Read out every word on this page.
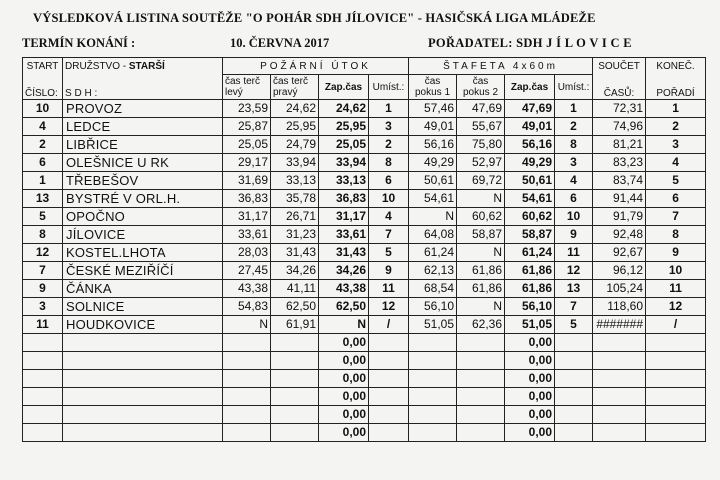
VÝSLEDKOVÁ LISTINA SOUTĚŽE "O POHÁR SDH JÍLOVICE" - HASIČSKÁ LIGA MLÁDEŽE
TERMÍN KONÁNÍ :	10. ČERVNA 2017	POŘADATEL: SDH J Í L O V I C E
START	DRUŽSTVO - STARŠÍ	POŽÁRNÍ ÚTOK				ŠTAFETA 4x60m				SOUČET	KONEČ.
ČÍSLO:	S D H :	čas terč levý	čas terč pravý	Zap.čas	Umíst.:	čas pokus 1	čas pokus 2	Zap.čas	Umíst.:	ČASŮ:	POŘADÍ
10	PROVOZ	23,59	24,62	24,62	1	57,46	47,69	47,69	1	72,31	1
4	LEDCE	25,87	25,95	25,95	3	49,01	55,67	49,01	2	74,96	2
2	LIBŘICE	25,05	24,79	25,05	2	56,16	75,80	56,16	8	81,21	3
6	OLEŠNICE U RK	29,17	33,94	33,94	8	49,29	52,97	49,29	3	83,23	4
1	TŘEBEŠOV	31,69	33,13	33,13	6	50,61	69,72	50,61	4	83,74	5
13	BYSTRÉ V ORL.H.	36,83	35,78	36,83	10	54,61	N	54,61	6	91,44	6
5	OPOČNO	31,17	26,71	31,17	4	N	60,62	60,62	10	91,79	7
8	JÍLOVICE	33,61	31,23	33,61	7	64,08	58,87	58,87	9	92,48	8
12	KOSTEL.LHOTA	28,03	31,43	31,43	5	61,24	N	61,24	11	92,67	9
7	ČESKÉ MEZIŘÍČÍ	27,45	34,26	34,26	9	62,13	61,86	61,86	12	96,12	10
9	ČÁNKA	43,38	41,11	43,38	11	68,54	61,86	61,86	13	105,24	11
3	SOLNICE	54,83	62,50	62,50	12	56,10	N	56,10	7	118,60	12
11	HOUDKOVICE	N	61,91	N	/	51,05	62,36	51,05	5	#######	/
				0,00				0,00			
				0,00				0,00			
				0,00				0,00			
				0,00				0,00			
				0,00				0,00			
				0,00				0,00			
